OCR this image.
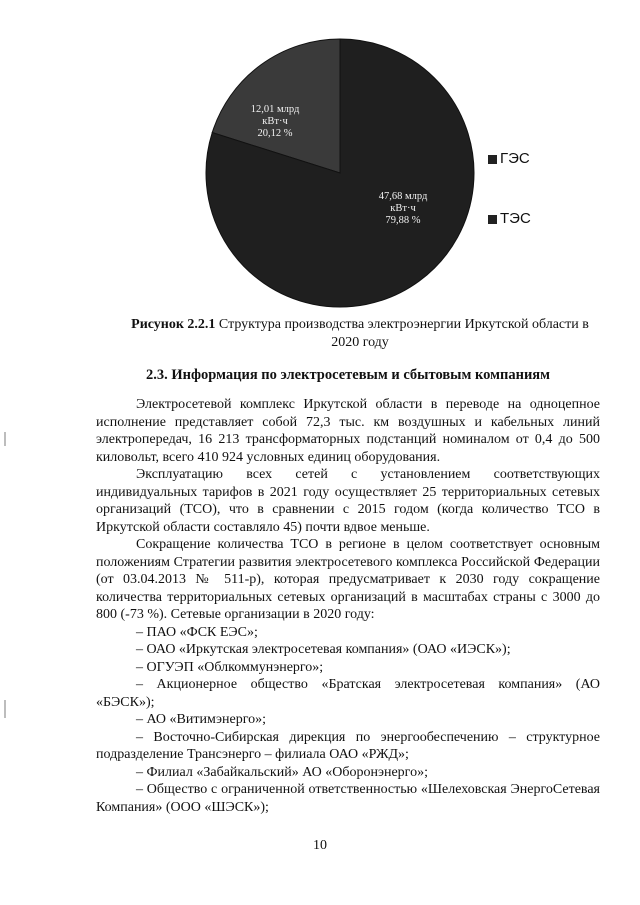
47,68 млрд
кВт·ч
79,88 %
12,01 млрд
кВт·ч
20,12 %
ГЭС
ТЭС
Рисунок 2.2.1 Структура производства электроэнергии Иркутской области в 2020 году
2.3. Информация по электросетевым и сбытовым компаниям

Электросетевой комплекс Иркутской области в переводе на одноцепное исполнение представляет собой 72,3 тыс. км воздушных и кабельных линий электропередач, 16 213 трансформаторных подстанций номиналом от 0,4 до 500 киловольт, всего 410 924 условных единиц оборудования.

Эксплуатацию всех сетей с установлением соответствующих индивидуальных тарифов в 2021 году осуществляет 25 территориальных сетевых организаций (ТСО), что в сравнении с 2015 годом (когда количество ТСО в Иркутской области составляло 45) почти вдвое меньше.

Сокращение количества ТСО в регионе в целом соответствует основным положениям Стратегии развития электросетевого комплекса Российской Федерации (от 03.04.2013 № 511-р), которая предусматривает к 2030 году сокращение количества территориальных сетевых организаций в масштабах страны с 3000 до 800 (-73 %). Сетевые организации в 2020 году:

– ПАО «ФСК ЕЭС»;
– ОАО «Иркутская электросетевая компания» (ОАО «ИЭСК»);
– ОГУЭП «Облкоммунэнерго»;
– Акционерное общество «Братская электросетевая компания» (АО «БЭСК»);
– АО «Витимэнерго»;
– Восточно-Сибирская дирекция по энергообеспечению – структурное подразделение Трансэнерго – филиала ОАО «РЖД»;
– Филиал «Забайкальский» АО «Оборонэнерго»;
– Общество с ограниченной ответственностью «Шелеховская ЭнергоСетевая Компания» (ООО «ШЭСК»);
10
